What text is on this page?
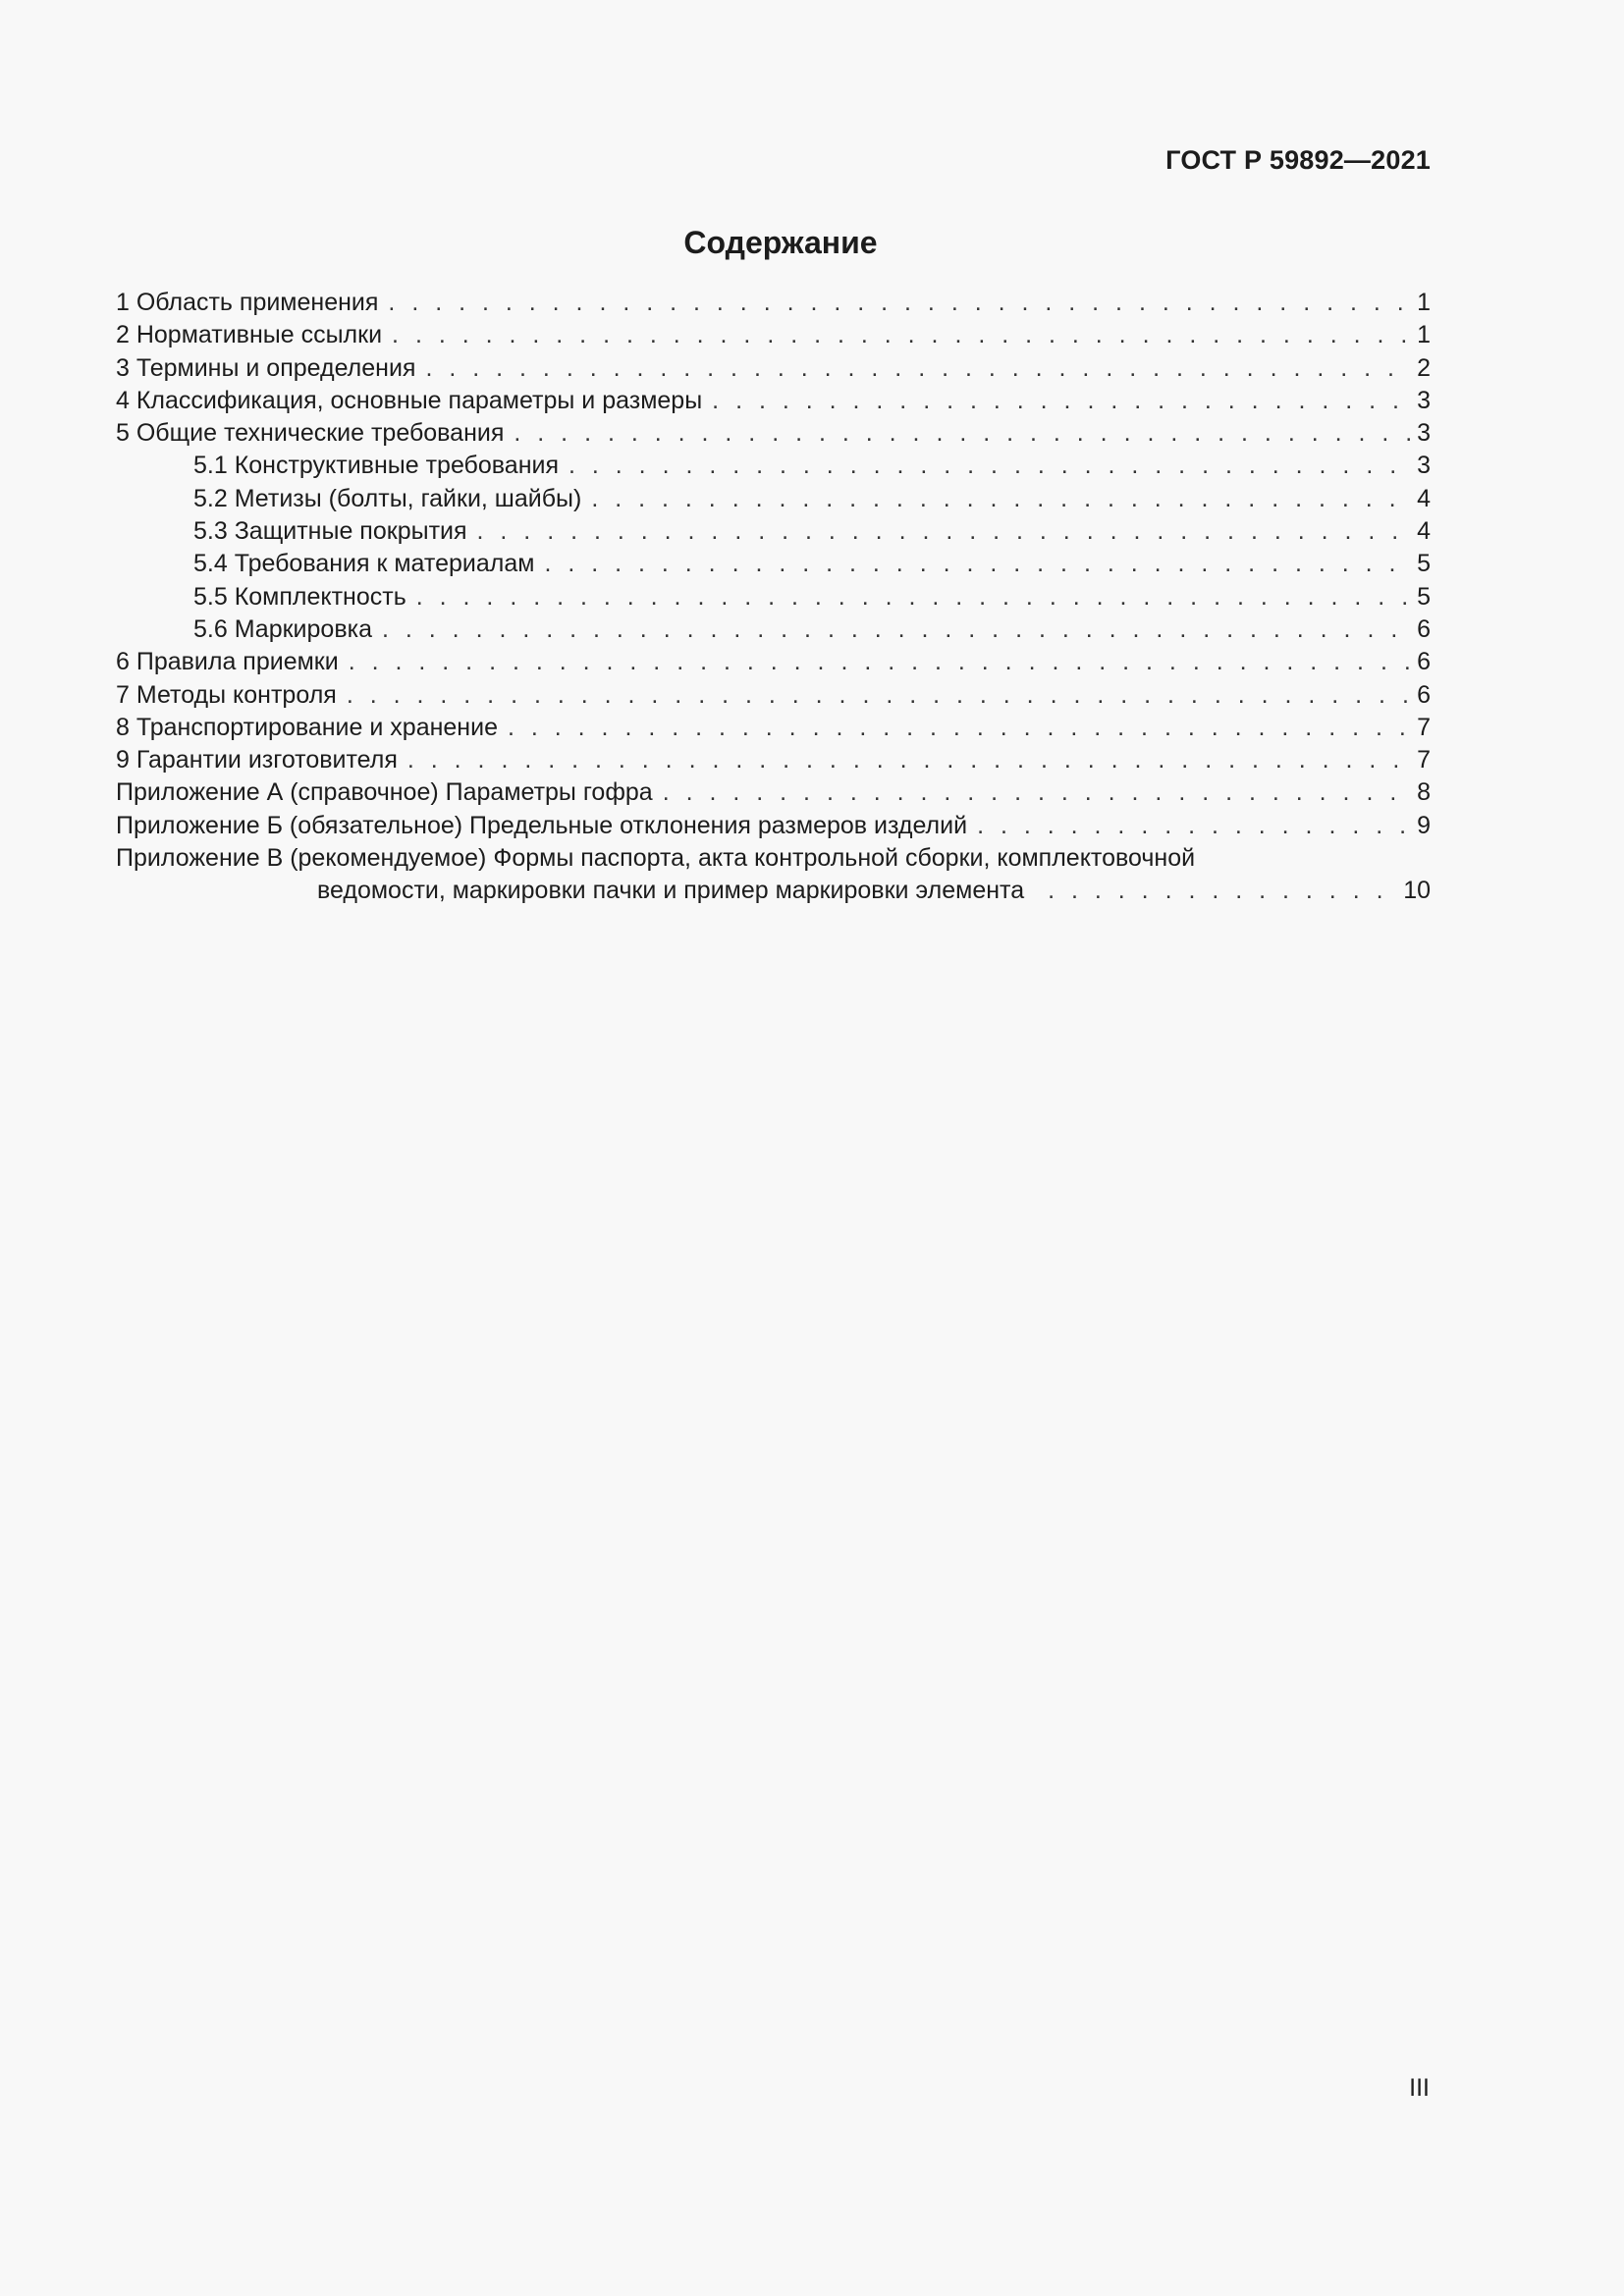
ГОСТ Р 59892—2021
Содержание
1 Область применения . . .	1
2 Нормативные ссылки . . .	1
3 Термины и определения . . .	2
4 Классификация, основные параметры и размеры . . .	3
5 Общие технические требования . . .	3
5.1 Конструктивные требования . . .	3
5.2 Метизы (болты, гайки, шайбы) . . .	4
5.3 Защитные покрытия . . .	4
5.4 Требования к материалам . . .	5
5.5 Комплектность . . .	5
5.6 Маркировка . . .	6
6 Правила приемки . . .	6
7 Методы контроля . . .	6
8 Транспортирование и хранение . . .	7
9 Гарантии изготовителя . . .	7
Приложение А (справочное) Параметры гофра . . .	8
Приложение Б (обязательное) Предельные отклонения размеров изделий . . .	9
Приложение В (рекомендуемое) Формы паспорта, акта контрольной сборки, комплектовочной
ведомости, маркировки пачки и пример маркировки элемента . . .	10
III
